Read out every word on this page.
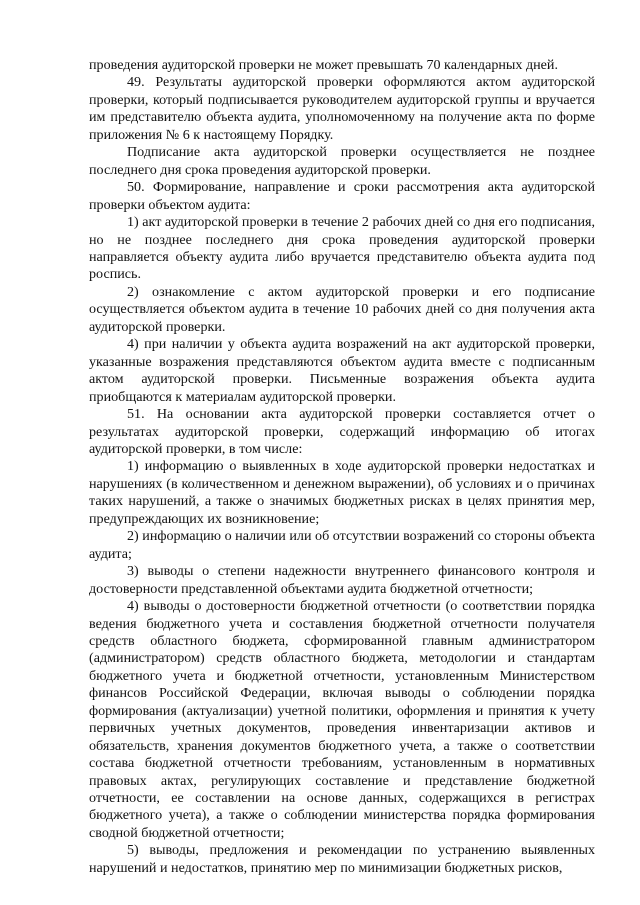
проведения аудиторской проверки не может превышать 70 календарных дней.

49. Результаты аудиторской проверки оформляются актом аудиторской проверки, который подписывается руководителем аудиторской группы и вручается им представителю объекта аудита, уполномоченному на получение акта по форме приложения № 6 к настоящему Порядку.

Подписание акта аудиторской проверки осуществляется не позднее последнего дня срока проведения аудиторской проверки.

50. Формирование, направление и сроки рассмотрения акта аудиторской проверки объектом аудита:

1) акт аудиторской проверки в течение 2 рабочих дней со дня его подписания, но не позднее последнего дня срока проведения аудиторской проверки направляется объекту аудита либо вручается представителю объекта аудита под роспись.

2) ознакомление с актом аудиторской проверки и его подписание осуществляется объектом аудита в течение 10 рабочих дней со дня получения акта аудиторской проверки.

4) при наличии у объекта аудита возражений на акт аудиторской проверки, указанные возражения представляются объектом аудита вместе с подписанным актом аудиторской проверки. Письменные возражения объекта аудита приобщаются к материалам аудиторской проверки.

51. На основании акта аудиторской проверки составляется отчет о результатах аудиторской проверки, содержащий информацию об итогах аудиторской проверки, в том числе:

1) информацию о выявленных в ходе аудиторской проверки недостатках и нарушениях (в количественном и денежном выражении), об условиях и о причинах таких нарушений, а также о значимых бюджетных рисках в целях принятия мер, предупреждающих их возникновение;

2) информацию о наличии или об отсутствии возражений со стороны объекта аудита;

3) выводы о степени надежности внутреннего финансового контроля и достоверности представленной объектами аудита бюджетной отчетности;

4) выводы о достоверности бюджетной отчетности (о соответствии порядка ведения бюджетного учета и составления бюджетной отчетности получателя средств областного бюджета, сформированной главным администратором (администратором) средств областного бюджета, методологии и стандартам бюджетного учета и бюджетной отчетности, установленным Министерством финансов Российской Федерации, включая выводы о соблюдении порядка формирования (актуализации) учетной политики, оформления и принятия к учету первичных учетных документов, проведения инвентаризации активов и обязательств, хранения документов бюджетного учета, а также о соответствии состава бюджетной отчетности требованиям, установленным в нормативных правовых актах, регулирующих составление и представление бюджетной отчетности, ее составлении на основе данных, содержащихся в регистрах бюджетного учета), а также о соблюдении министерства порядка формирования сводной бюджетной отчетности;

5) выводы, предложения и рекомендации по устранению выявленных нарушений и недостатков, принятию мер по минимизации бюджетных рисков,
